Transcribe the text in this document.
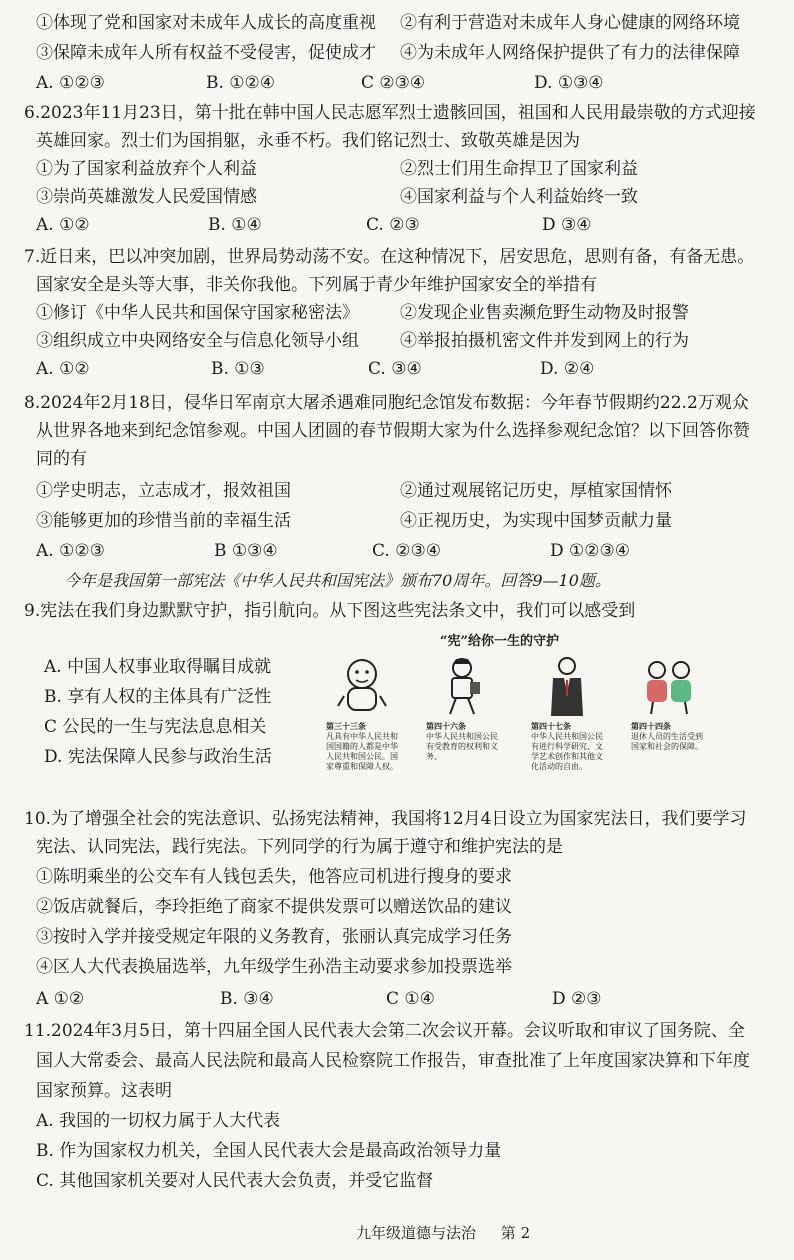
①体现了党和国家对未成年人成长的高度重视 ②有利于营造对未成年人身心健康的网络环境
③保障未成年人所有权益不受侵害，促使成才 ④为未成年人网络保护提供了有力的法律保障
A. ①②③	B. ①②④	C ②③④	D. ①③④
6.2023年11月23日，第十批在韩中国人民志愿军烈士遗骸回国，祖国和人民用最崇敬的方式迎接
英雄回家。烈士们为国捐躯，永垂不朽。我们铭记烈士、致敬英雄是因为
①为了国家利益放弃个人利益	②烈士们用生命捍卫了国家利益
③崇尚英雄激发人民爱国情感	④国家利益与个人利益始终一致
A. ①②	B. ①④	C. ②③	D ③④
7.近日来，巴以冲突加剧，世界局势动荡不安。在这种情况下，居安思危，思则有备，有备无患。
国家安全是头等大事，非关你我他。下列属于青少年维护国家安全的举措有
①修订《中华人民共和国保守国家秘密法》 ②发现企业售卖濒危野生动物及时报警
③组织成立中央网络安全与信息化领导小组 ④举报拍摄机密文件并发到网上的行为
A. ①②	B. ①③	C. ③④	D. ②④
8.2024年2月18日，侵华日军南京大屠杀遇难同胞纪念馆发布数据：今年春节假期约22.2万观众
从世界各地来到纪念馆参观。中国人团圆的春节假期大家为什么选择参观纪念馆？以下回答你赞
同的有
①学史明志，立志成才，报效祖国	②通过观展铭记历史，厚植家国情怀
③能够更加的珍惜当前的幸福生活	④正视历史，为实现中国梦贡献力量
A. ①②③	B ①③④	C. ②③④	D ①②③④
今年是我国第一部宪法《中华人民共和国宪法》颁布70周年。回答9—10题。
9.宪法在我们身边默默守护，指引航向。从下图这些宪法条文中，我们可以感受到
A. 中国人权事业取得瞩目成就
B. 享有人权的主体具有广泛性
C 公民的一生与宪法息息相关
D. 宪法保障人民参与政治生活
“宪”给你一生的守护
第三十三条
凡具有中华人民共和国国籍的人都是中华人民共和国公民。国家尊重和保障人权。
第四十六条
中华人民共和国公民有受教育的权利和义务。
第四十七条
中华人民共和国公民有进行科学研究、文学艺术创作和其他文化活动的自由。
第四十四条
退休人员的生活受到国家和社会的保障。
10.为了增强全社会的宪法意识、弘扬宪法精神，我国将12月4日设立为国家宪法日，我们要学习
宪法、认同宪法，践行宪法。下列同学的行为属于遵守和维护宪法的是
①陈明乘坐的公交车有人钱包丢失，他答应司机进行搜身的要求
②饭店就餐后，李玲拒绝了商家不提供发票可以赠送饮品的建议
③按时入学并接受规定年限的义务教育，张丽认真完成学习任务
④区人大代表换届选举，九年级学生孙浩主动要求参加投票选举
A ①②	B. ③④	C ①④	D ②③
11.2024年3月5日，第十四届全国人民代表大会第二次会议开幕。会议听取和审议了国务院、全
国人大常委会、最高人民法院和最高人民检察院工作报告，审查批准了上年度国家决算和下年度
国家预算。这表明
A. 我国的一切权力属于人大代表
B. 作为国家权力机关，全国人民代表大会是最高政治领导力量
C. 其他国家机关要对人民代表大会负责，并受它监督
九年级道德与法治 第 2
